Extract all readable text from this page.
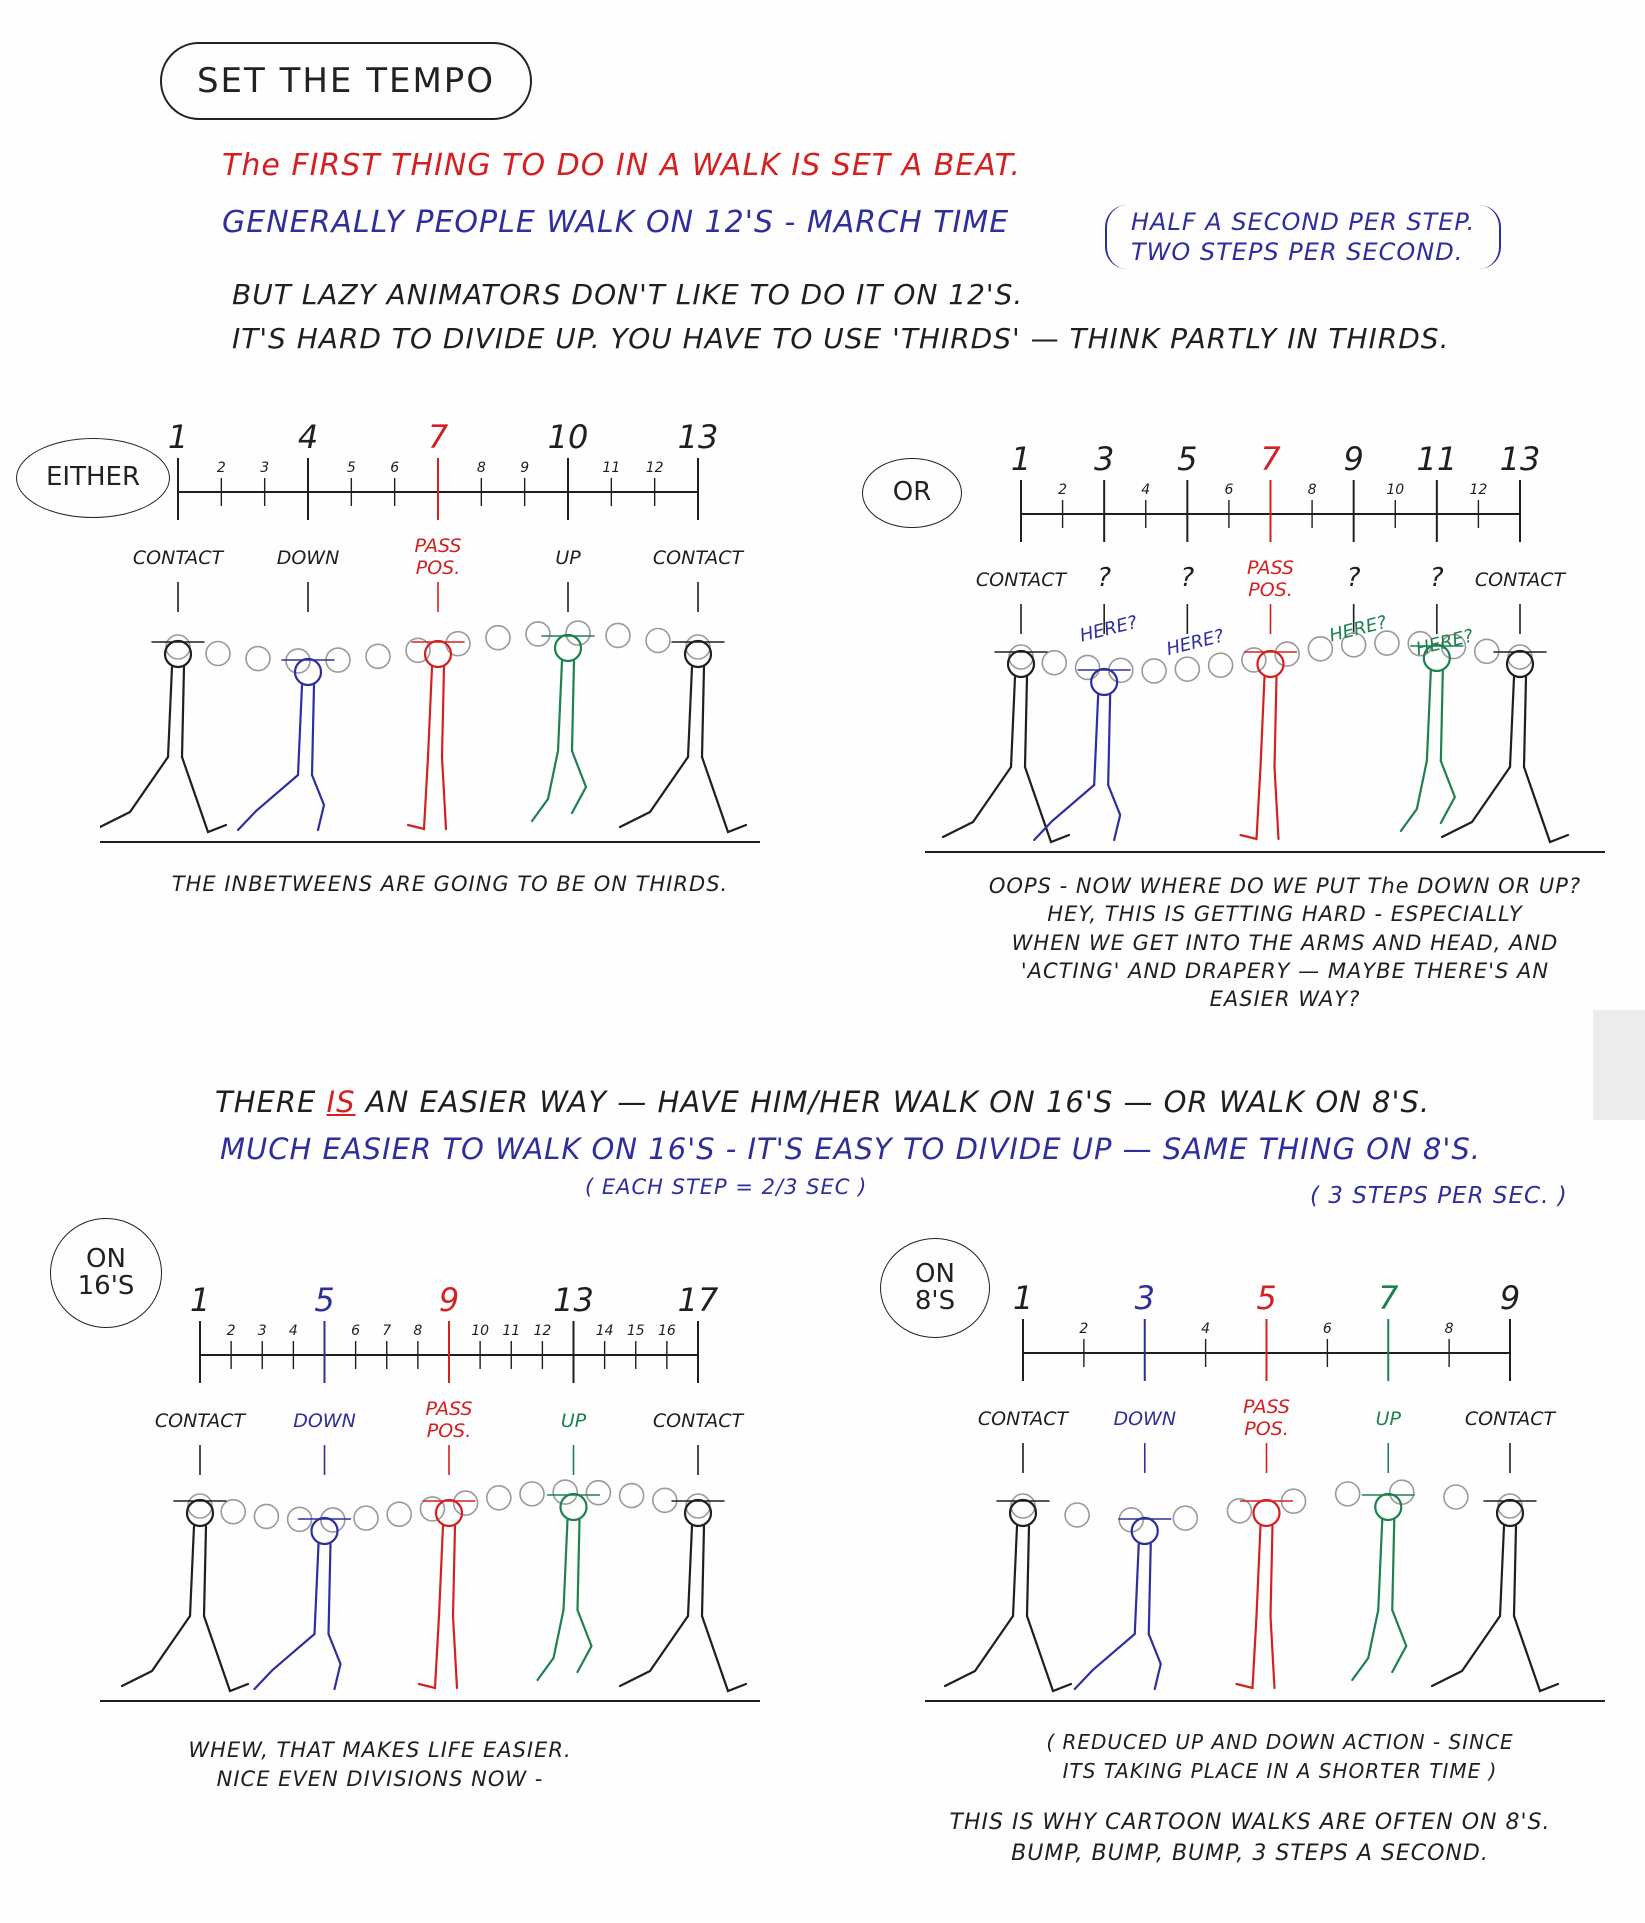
SET THE TEMPO
The FIRST THING TO DO IN A WALK IS SET A BEAT.
GENERALLY PEOPLE WALK ON 12'S - MARCH TIME	HALF A SECOND PER STEP.
TWO STEPS PER SECOND.
BUT LAZY ANIMATORS DON'T LIKE TO DO IT ON 12'S.
IT'S HARD TO DIVIDE UP. YOU HAVE TO USE 'THIRDS' — THINK PARTLY IN THIRDS.
EITHER	OR
ON 16'S	ON 8'S
1	4	7	10	13
2 3	5 6	8 9	11 12
CONTACT	DOWN
PASS
POS.	UP	CONTACT
1 3 5 7 9 11 13
2	4	6	8	10	12
CONTACT ?	?	PASS
POS. ?	? CONTACT
HERE? HERE?	HERE? HERE?
1	5	9	13	17
2 3 4	6 7 8	10 11 12	14 15 16
CONTACT	DOWN
PASS
POS.	UP	CONTACT
1	3	5	7	9
2	4	6	8
CONTACT DOWN
PASS
POS.	UP	CONTACT
THE INBETWEENS ARE GOING TO BE ON THIRDS.	OOPS - NOW WHERE DO WE PUT The DOWN OR UP?
HEY, THIS IS GETTING HARD - ESPECIALLY
WHEN WE GET INTO THE ARMS AND HEAD, AND
'ACTING' AND DRAPERY — MAYBE THERE'S AN
EASIER WAY?
THERE IS AN EASIER WAY — HAVE HIM/HER WALK ON 16'S — OR WALK ON 8'S.
MUCH EASIER TO WALK ON 16'S - IT'S EASY TO DIVIDE UP — SAME THING ON 8'S.
( EACH STEP = 2/3 SEC )	( 3 STEPS PER SEC. )
WHEW, THAT MAKES LIFE EASIER.
NICE EVEN DIVISIONS NOW -
( REDUCED UP AND DOWN ACTION - SINCE
ITS TAKING PLACE IN A SHORTER TIME )
THIS IS WHY CARTOON WALKS ARE OFTEN ON 8'S.
BUMP, BUMP, BUMP, 3 STEPS A SECOND.
